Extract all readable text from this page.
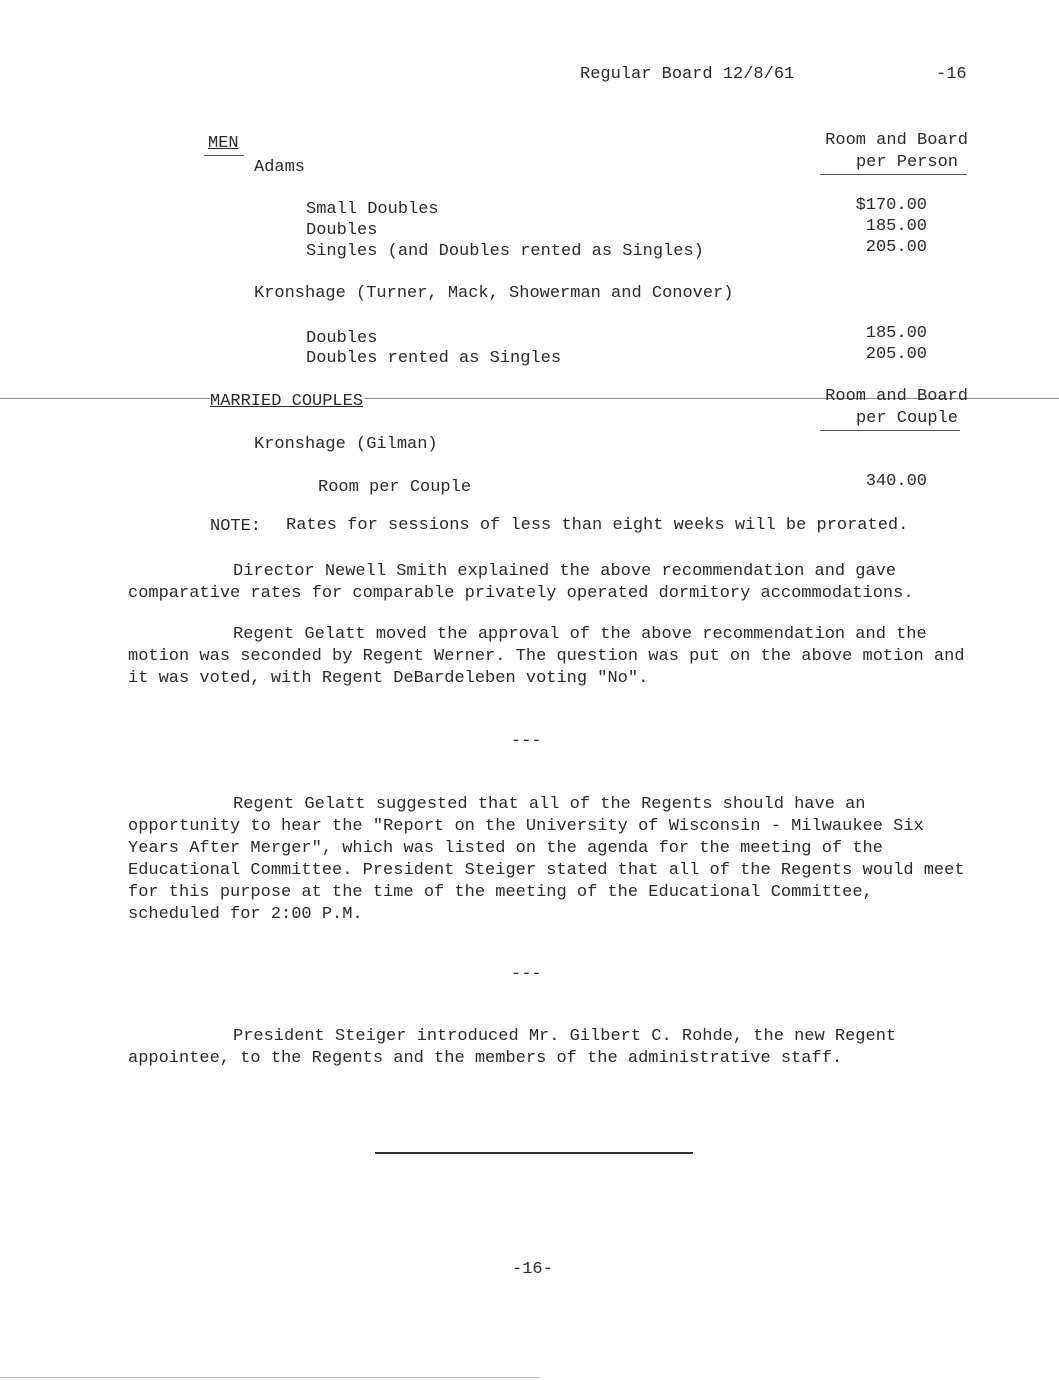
Regular Board 12/8/61	-16
MEN	Room and Board
per Person
Adams
Small Doubles	$170.00
Doubles	185.00
Singles (and Doubles rented as Singles)	205.00
Kronshage (Turner, Mack, Showerman and Conover)
Doubles	185.00
Doubles rented as Singles	205.00
MARRIED COUPLES	Room and Board
per Couple
Kronshage (Gilman)
Room per Couple	340.00
NOTE: Rates for sessions of less than eight weeks will be prorated.

Director Newell Smith explained the above recommendation and gave comparative rates for comparable privately operated dormitory accommodations.

Regent Gelatt moved the approval of the above recommendation and the motion was seconded by Regent Werner. The question was put on the above motion and it was voted, with Regent DeBardeleben voting "No".

---

Regent Gelatt suggested that all of the Regents should have an opportunity to hear the "Report on the University of Wisconsin - Milwaukee Six Years After Merger", which was listed on the agenda for the meeting of the Educational Committee. President Steiger stated that all of the Regents would meet for this purpose at the time of the meeting of the Educational Committee, scheduled for 2:00 P.M.

---

President Steiger introduced Mr. Gilbert C. Rohde, the new Regent appointee, to the Regents and the members of the administrative staff.

-16-
